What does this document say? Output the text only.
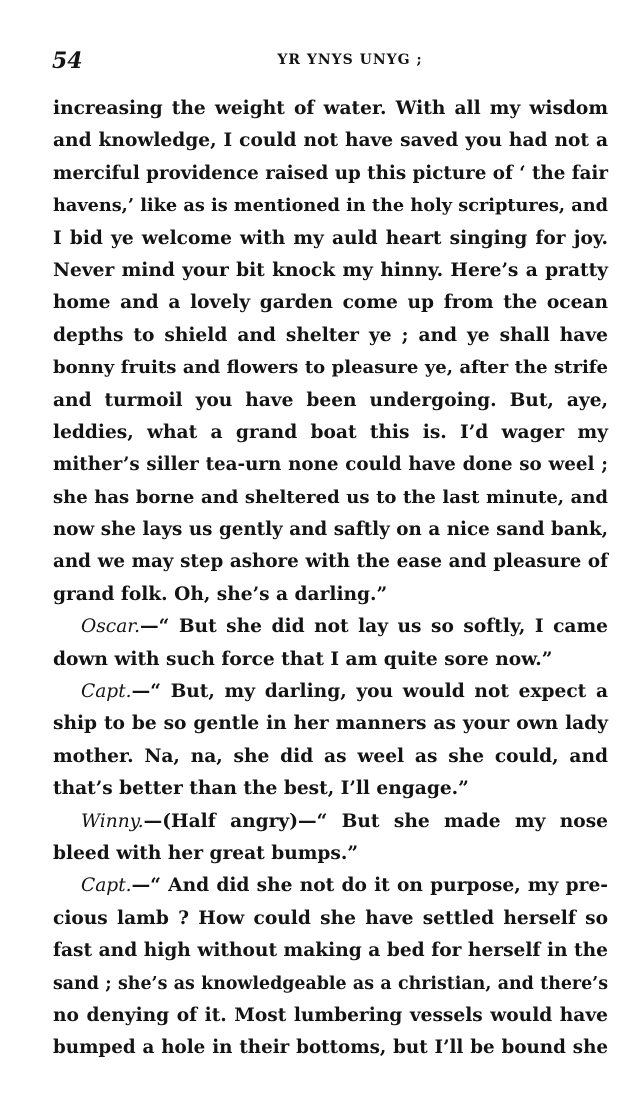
54	YR YNYS UNYG ;
increasing the weight of water. With all my wisdom
and knowledge, I could not have saved you had not a
merciful providence raised up this picture of ‘ the fair
havens,’ like as is mentioned in the holy scriptures, and
I bid ye welcome with my auld heart singing for joy.
Never mind your bit knock my hinny. Here’s a pratty
home and a lovely garden come up from the ocean
depths to shield and shelter ye ; and ye shall have
bonny fruits and flowers to pleasure ye, after the strife
and turmoil you have been undergoing. But, aye,
leddies, what a grand boat this is. I’d wager my
mither’s siller tea-urn none could have done so weel ;
she has borne and sheltered us to the last minute, and
now she lays us gently and saftly on a nice sand bank,
and we may step ashore with the ease and pleasure of
grand folk. Oh, she’s a darling.”
Oscar.—“ But she did not lay us so softly, I came
down with such force that I am quite sore now.”
Capt.—“ But, my darling, you would not expect a
ship to be so gentle in her manners as your own lady
mother. Na, na, she did as weel as she could, and
that’s better than the best, I’ll engage.”
Winny.—(Half angry)—“ But she made my nose
bleed with her great bumps.”
Capt.—“ And did she not do it on purpose, my pre-
cious lamb ? How could she have settled herself so
fast and high without making a bed for herself in the
sand ; she’s as knowledgeable as a christian, and there’s
no denying of it. Most lumbering vessels would have
bumped a hole in their bottoms, but I’ll be bound she
